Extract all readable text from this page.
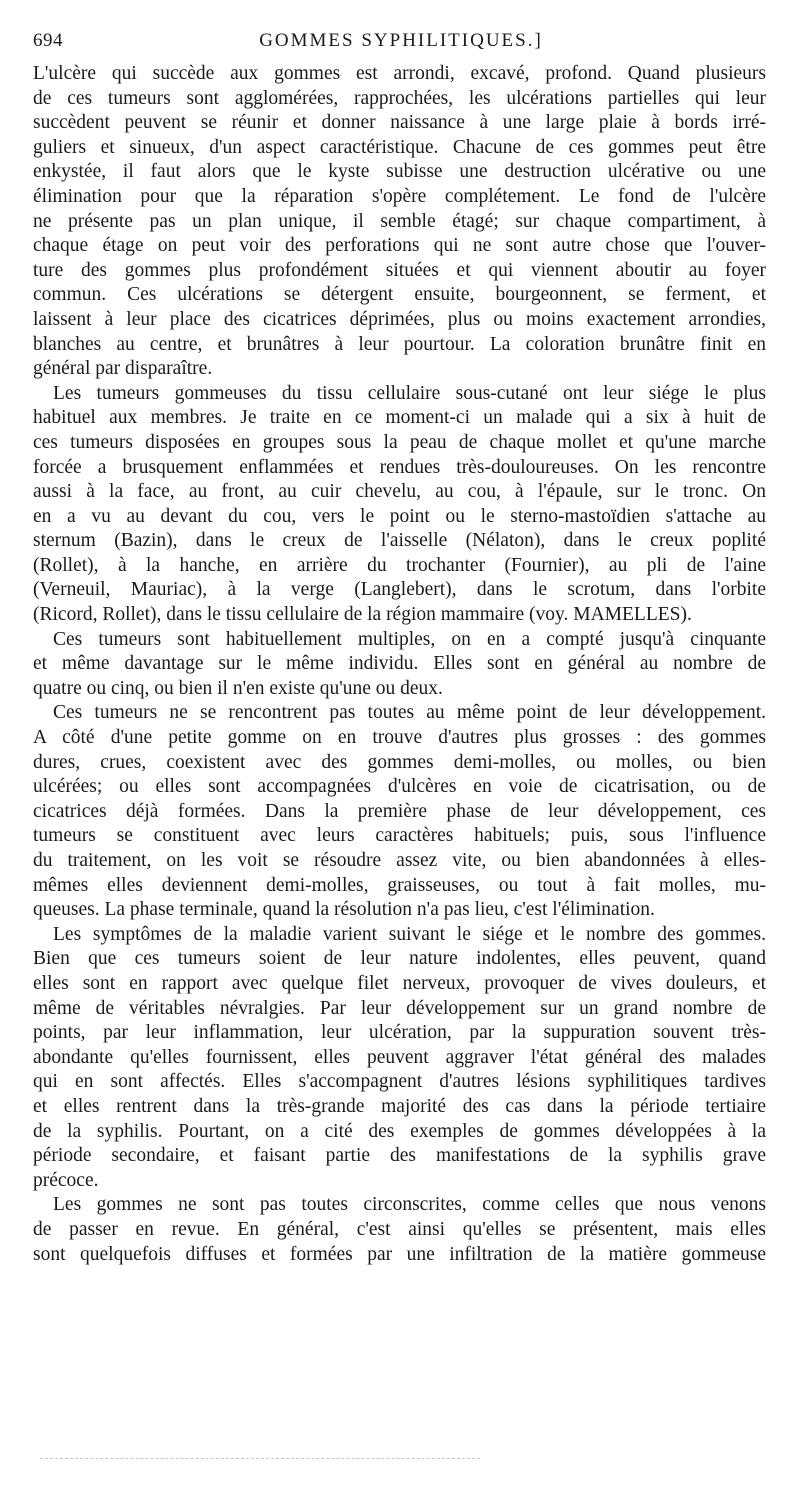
694	GOMMES SYPHILITIQUES.]
L'ulcère qui succède aux gommes est arrondi, excavé, profond. Quand plusieurs
de ces tumeurs sont agglomérées, rapprochées, les ulcérations partielles qui leur
succèdent peuvent se réunir et donner naissance à une large plaie à bords irré-
guliers et sinueux, d'un aspect caractéristique. Chacune de ces gommes peut être
enkystée, il faut alors que le kyste subisse une destruction ulcérative ou une
élimination pour que la réparation s'opère complétement. Le fond de l'ulcère
ne présente pas un plan unique, il semble étagé; sur chaque compartiment, à
chaque étage on peut voir des perforations qui ne sont autre chose que l'ouver-
ture des gommes plus profondément situées et qui viennent aboutir au foyer
commun. Ces ulcérations se détergent ensuite, bourgeonnent, se ferment, et
laissent à leur place des cicatrices déprimées, plus ou moins exactement arrondies,
blanches au centre, et brunâtres à leur pourtour. La coloration brunâtre finit en
général par disparaître.
Les tumeurs gommeuses du tissu cellulaire sous-cutané ont leur siége le plus
habituel aux membres. Je traite en ce moment-ci un malade qui a six à huit de
ces tumeurs disposées en groupes sous la peau de chaque mollet et qu'une marche
forcée a brusquement enflammées et rendues très-douloureuses. On les rencontre
aussi à la face, au front, au cuir chevelu, au cou, à l'épaule, sur le tronc. On
en a vu au devant du cou, vers le point ou le sterno-mastoïdien s'attache au
sternum (Bazin), dans le creux de l'aisselle (Nélaton), dans le creux poplité
(Rollet), à la hanche, en arrière du trochanter (Fournier), au pli de l'aine
(Verneuil, Mauriac), à la verge (Langlebert), dans le scrotum, dans l'orbite
(Ricord, Rollet), dans le tissu cellulaire de la région mammaire (voy. MAMELLES).
Ces tumeurs sont habituellement multiples, on en a compté jusqu'à cinquante
et même davantage sur le même individu. Elles sont en général au nombre de
quatre ou cinq, ou bien il n'en existe qu'une ou deux.
Ces tumeurs ne se rencontrent pas toutes au même point de leur développement.
A côté d'une petite gomme on en trouve d'autres plus grosses : des gommes
dures, crues, coexistent avec des gommes demi-molles, ou molles, ou bien
ulcérées; ou elles sont accompagnées d'ulcères en voie de cicatrisation, ou de
cicatrices déjà formées. Dans la première phase de leur développement, ces
tumeurs se constituent avec leurs caractères habituels; puis, sous l'influence
du traitement, on les voit se résoudre assez vite, ou bien abandonnées à elles-
mêmes elles deviennent demi-molles, graisseuses, ou tout à fait molles, mu-
queuses. La phase terminale, quand la résolution n'a pas lieu, c'est l'élimination.
Les symptômes de la maladie varient suivant le siége et le nombre des gommes.
Bien que ces tumeurs soient de leur nature indolentes, elles peuvent, quand
elles sont en rapport avec quelque filet nerveux, provoquer de vives douleurs, et
même de véritables névralgies. Par leur développement sur un grand nombre de
points, par leur inflammation, leur ulcération, par la suppuration souvent très-
abondante qu'elles fournissent, elles peuvent aggraver l'état général des malades
qui en sont affectés. Elles s'accompagnent d'autres lésions syphilitiques tardives
et elles rentrent dans la très-grande majorité des cas dans la période tertiaire
de la syphilis. Pourtant, on a cité des exemples de gommes développées à la
période secondaire, et faisant partie des manifestations de la syphilis grave
précoce.
Les gommes ne sont pas toutes circonscrites, comme celles que nous venons
de passer en revue. En général, c'est ainsi qu'elles se présentent, mais elles
sont quelquefois diffuses et formées par une infiltration de la matière gommeuse
